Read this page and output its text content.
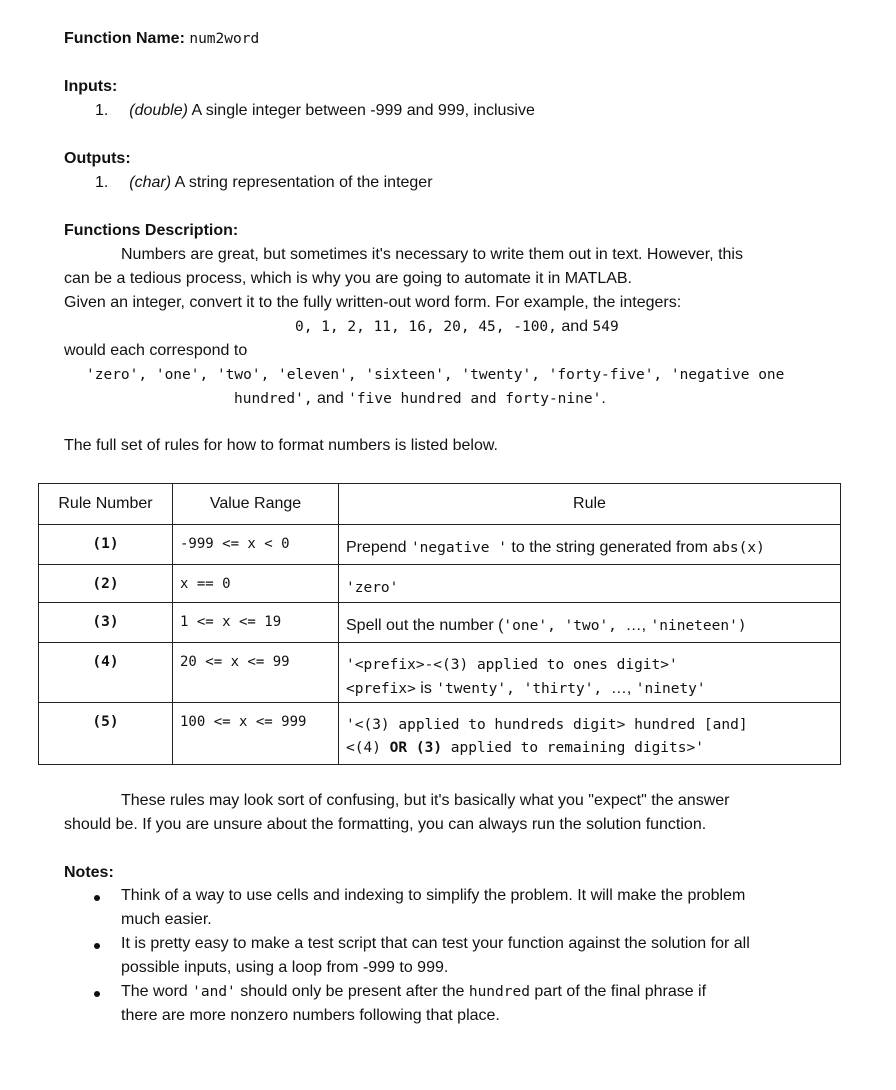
Function Name: num2word
Inputs:
1. (double) A single integer between -999 and 999, inclusive
Outputs:
1. (char) A string representation of the integer
Functions Description:
Numbers are great, but sometimes it's necessary to write them out in text. However, this
can be a tedious process, which is why you are going to automate it in MATLAB.
Given an integer, convert it to the fully written-out word form. For example, the integers:
0, 1, 2, 11, 16, 20, 45, -100, and 549
would each correspond to
'zero', 'one', 'two', 'eleven', 'sixteen', 'twenty', 'forty-five', 'negative one
hundred', and 'five hundred and forty-nine'.
The full set of rules for how to format numbers is listed below.
Rule Number	Value Range	Rule
(1)	-999 <= x < 0	Prepend 'negative ' to the string generated from abs(x)

(2)	x == 0	'zero'

(3)	1 <= x <= 19	Spell out the number ('one', 'two', …, 'nineteen')

(4)	20 <= x <= 99	'<prefix>-<(3) applied to ones digit>'
<prefix> is 'twenty', 'thirty', …, 'ninety'

(5)	100 <= x <= 999	'<(3) applied to hundreds digit> hundred [and]
<(4) OR (3) applied to remaining digits>'
These rules may look sort of confusing, but it's basically what you "expect" the answer
should be. If you are unsure about the formatting, you can always run the solution function.
Notes:
Think of a way to use cells and indexing to simplify the problem. It will make the problem
much easier.
It is pretty easy to make a test script that can test your function against the solution for all
possible inputs, using a loop from -999 to 999.
The word 'and' should only be present after the hundred part of the final phrase if
there are more nonzero numbers following that place.
